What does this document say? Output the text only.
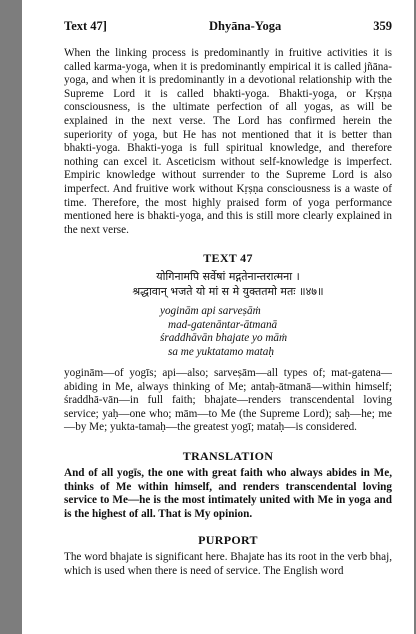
Text 47]	Dhyāna-Yoga	359

When the linking process is predominantly in fruitive activities it is called karma-yoga, when it is predominantly empirical it is called jñāna-yoga, and when it is predominantly in a devotional relationship with the Supreme Lord it is called bhakti-yoga. Bhakti-yoga, or Kṛṣṇa consciousness, is the ultimate perfection of all yogas, as will be explained in the next verse. The Lord has confirmed herein the superiority of yoga, but He has not mentioned that it is better than bhakti-yoga. Bhakti-yoga is full spiritual knowledge, and therefore nothing can excel it. Asceticism without self-knowledge is imperfect. Empiric knowledge without surrender to the Supreme Lord is also imperfect. And fruitive work without Kṛṣṇa consciousness is a waste of time. Therefore, the most highly praised form of yoga performance mentioned here is bhakti-yoga, and this is still more clearly explained in the next verse.

TEXT 47
योगिनामपि सर्वेषां मद्गतेनान्तरात्मना ।
श्रद्धावान् भजते यो मां स मे युक्ततमो मतः ॥४७॥
yoginām api sarveṣāṁ
mad-gatenāntar-ātmanā
śraddhāvān bhajate yo māṁ
sa me yuktatamo mataḥ

yoginām—of yogīs; api—also; sarveṣām—all types of; mat-gatena—abiding in Me, always thinking of Me; antaḥ-ātmanā—within himself; śraddhā-vān—in full faith; bhajate—renders transcendental loving service; yaḥ—one who; mām—to Me (the Supreme Lord); saḥ—he; me—by Me; yukta-tamaḥ—the greatest yogī; mataḥ—is considered.

TRANSLATION
And of all yogīs, the one with great faith who always abides in Me, thinks of Me within himself, and renders transcendental loving service to Me—he is the most intimately united with Me in yoga and is the highest of all. That is My opinion.
PURPORT

The word bhajate is significant here. Bhajate has its root in the verb bhaj, which is used when there is need of service. The English word
